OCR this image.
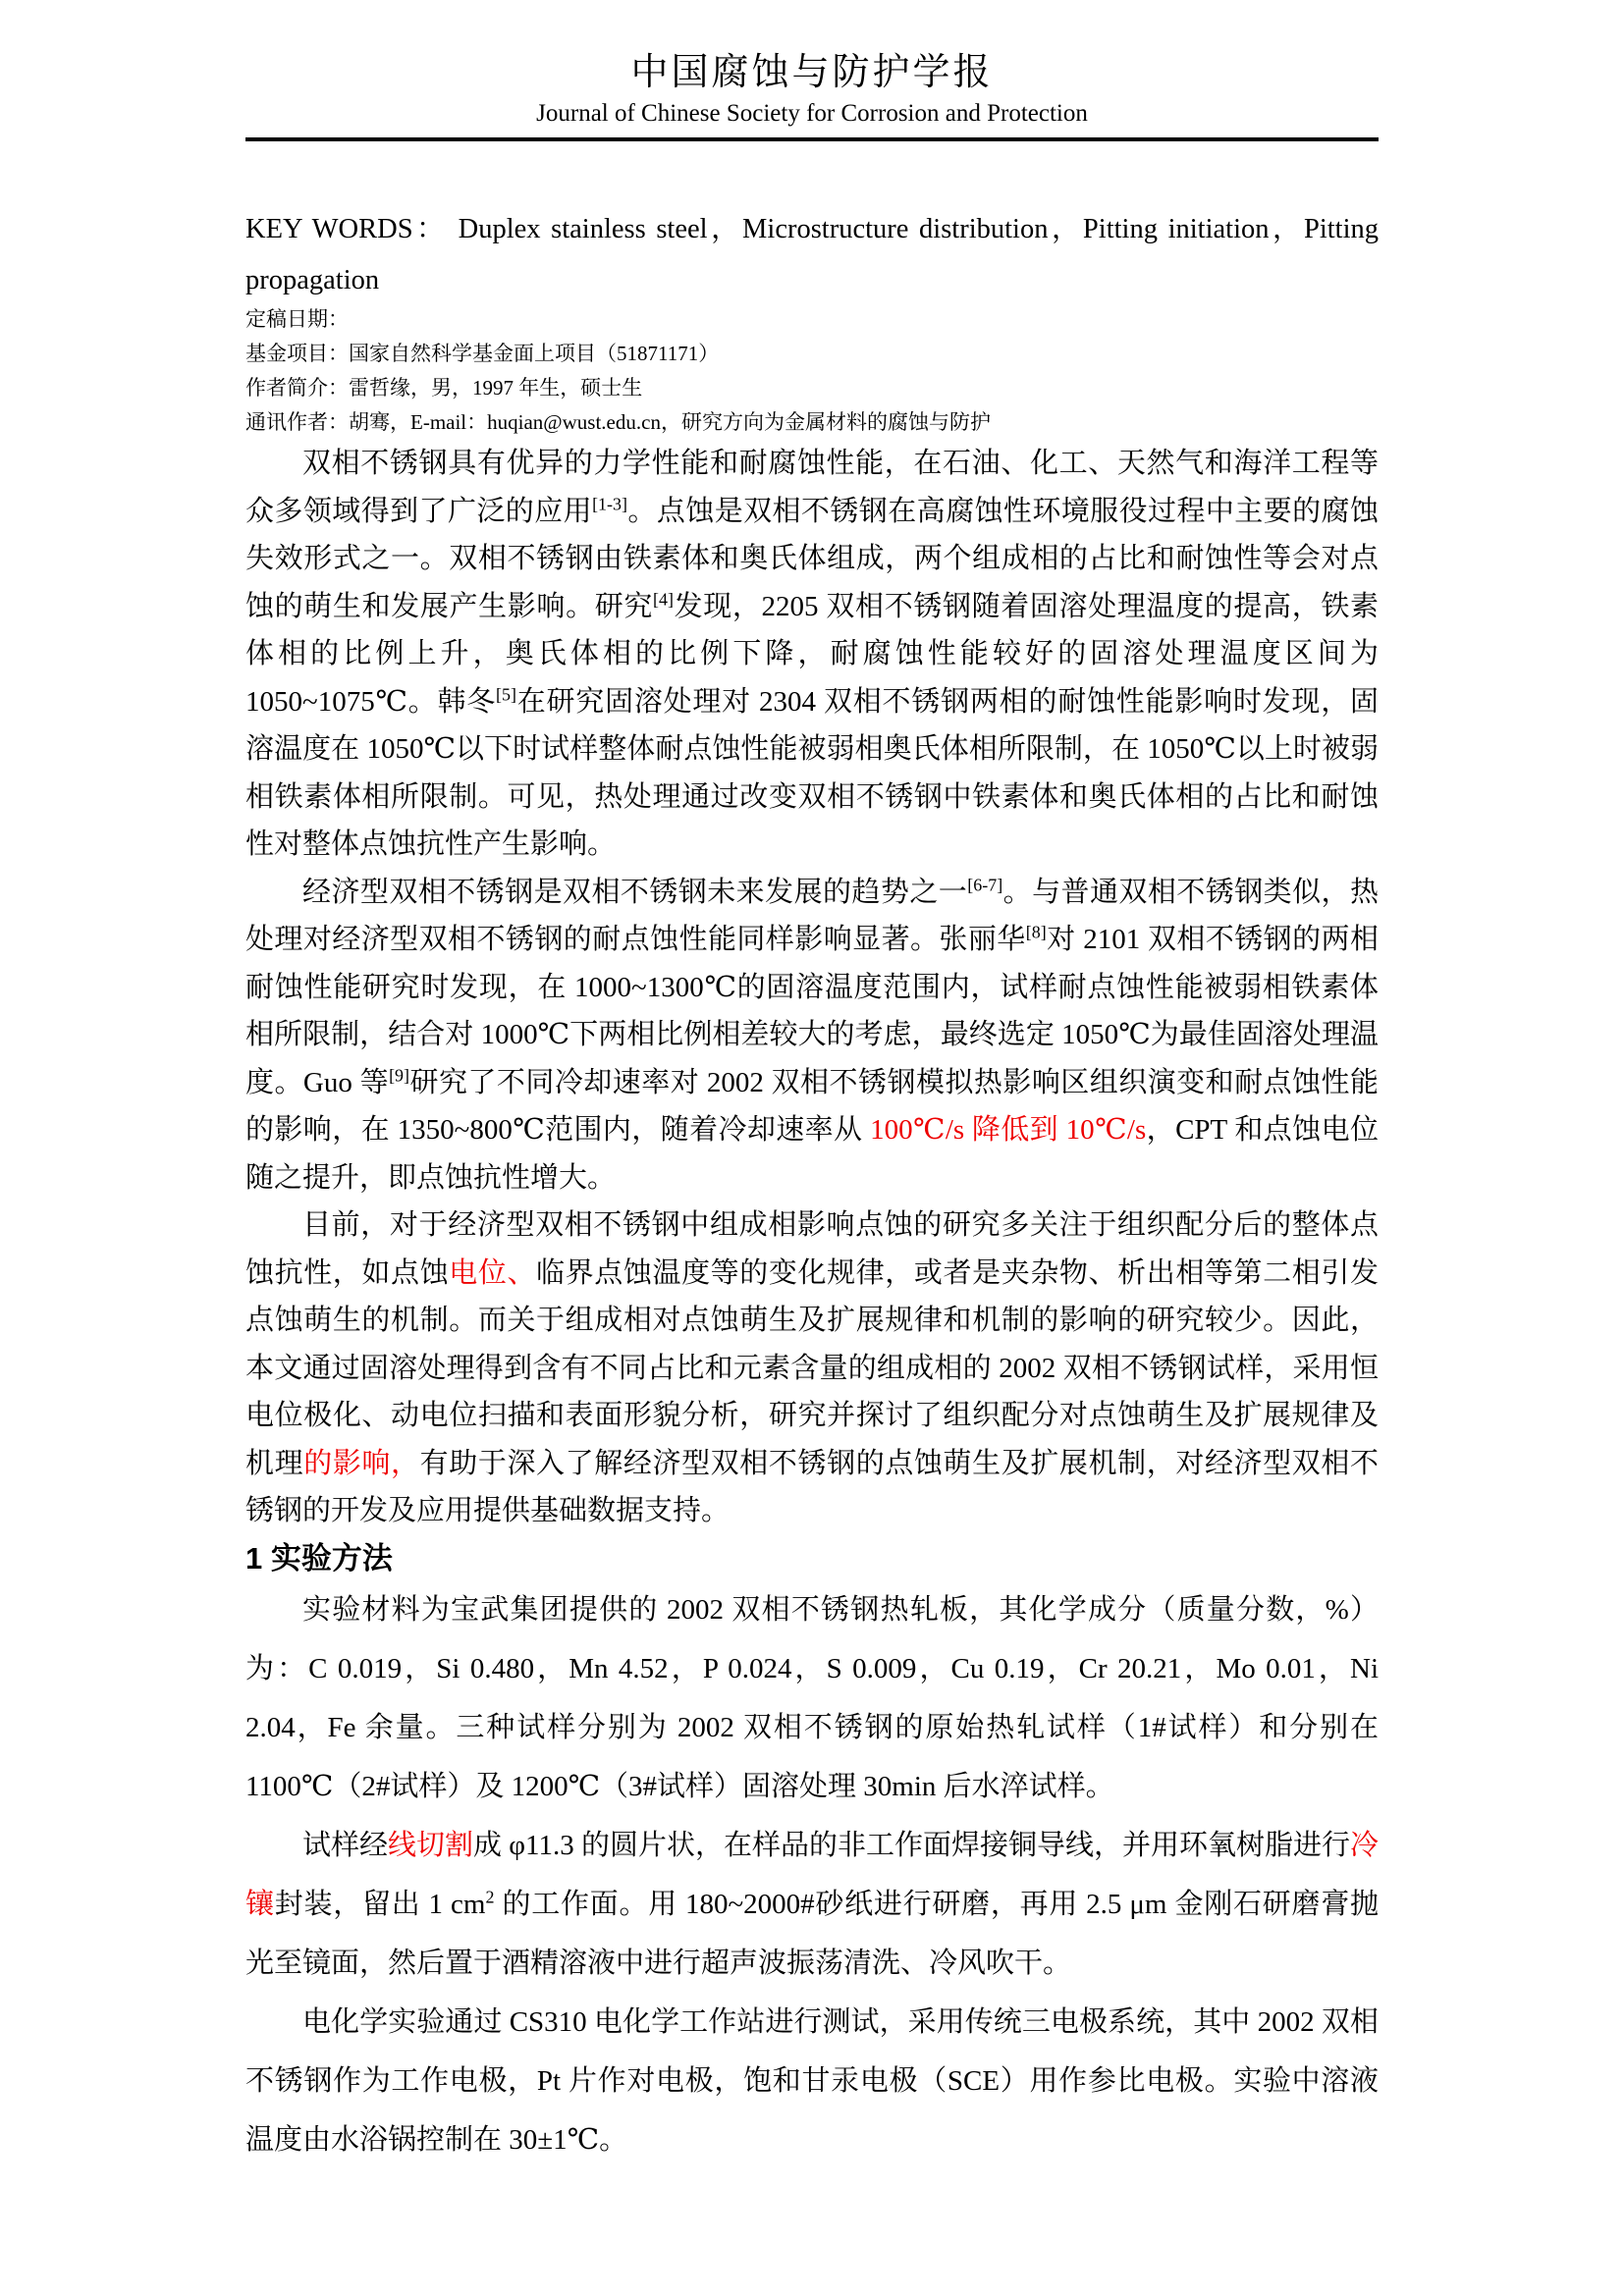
中国腐蚀与防护学报
Journal of Chinese Society for Corrosion and Protection
KEY WORDS： Duplex stainless steel，Microstructure distribution，Pitting initiation，Pitting
propagation
定稿日期：
基金项目：国家自然科学基金面上项目（51871171）
作者简介：雷哲缘，男，1997 年生，硕士生
通讯作者：胡骞，E-mail：huqian@wust.edu.cn，研究方向为金属材料的腐蚀与防护

双相不锈钢具有优异的力学性能和耐腐蚀性能，在石油、化工、天然气和海洋工程等众多领域得到了广泛的应用[1-3]。点蚀是双相不锈钢在高腐蚀性环境服役过程中主要的腐蚀失效形式之一。双相不锈钢由铁素体和奥氏体组成，两个组成相的占比和耐蚀性等会对点蚀的萌生和发展产生影响。研究[4]发现，2205 双相不锈钢随着固溶处理温度的提高，铁素体相的比例上升，奥氏体相的比例下降，耐腐蚀性能较好的固溶处理温度区间为 1050~1075℃。韩冬[5]在研究固溶处理对 2304 双相不锈钢两相的耐蚀性能影响时发现，固溶温度在 1050℃以下时试样整体耐点蚀性能被弱相奥氏体相所限制，在 1050℃以上时被弱相铁素体相所限制。可见，热处理通过改变双相不锈钢中铁素体和奥氏体相的占比和耐蚀性对整体点蚀抗性产生影响。

经济型双相不锈钢是双相不锈钢未来发展的趋势之一[6-7]。与普通双相不锈钢类似，热处理对经济型双相不锈钢的耐点蚀性能同样影响显著。张丽华[8]对 2101 双相不锈钢的两相耐蚀性能研究时发现，在 1000~1300℃的固溶温度范围内，试样耐点蚀性能被弱相铁素体相所限制，结合对 1000℃下两相比例相差较大的考虑，最终选定 1050℃为最佳固溶处理温度。Guo 等[9]研究了不同冷却速率对 2002 双相不锈钢模拟热影响区组织演变和耐点蚀性能的影响，在 1350~800℃范围内，随着冷却速率从 100℃/s 降低到 10℃/s，CPT 和点蚀电位随之提升，即点蚀抗性增大。

目前，对于经济型双相不锈钢中组成相影响点蚀的研究多关注于组织配分后的整体点蚀抗性，如点蚀电位、临界点蚀温度等的变化规律，或者是夹杂物、析出相等第二相引发点蚀萌生的机制。而关于组成相对点蚀萌生及扩展规律和机制的影响的研究较少。因此，本文通过固溶处理得到含有不同占比和元素含量的组成相的 2002 双相不锈钢试样，采用恒电位极化、动电位扫描和表面形貌分析，研究并探讨了组织配分对点蚀萌生及扩展规律及机理的影响，有助于深入了解经济型双相不锈钢的点蚀萌生及扩展机制，对经济型双相不锈钢的开发及应用提供基础数据支持。

1 实验方法

实验材料为宝武集团提供的 2002 双相不锈钢热轧板，其化学成分（质量分数，%）为：C 0.019，Si 0.480，Mn 4.52，P 0.024，S 0.009，Cu 0.19，Cr 20.21，Mo 0.01，Ni 2.04，Fe 余量。三种试样分别为 2002 双相不锈钢的原始热轧试样（1#试样）和分别在 1100℃（2#试样）及 1200℃（3#试样）固溶处理 30min 后水淬试样。

试样经线切割成 φ11.3 的圆片状，在样品的非工作面焊接铜导线，并用环氧树脂进行冷镶封装，留出 1 $cm^2$ 的工作面。用 180~2000#砂纸进行研磨，再用 2.5 μm 金刚石研磨膏抛光至镜面，然后置于酒精溶液中进行超声波振荡清洗、冷风吹干。

电化学实验通过 CS310 电化学工作站进行测试，采用传统三电极系统，其中 2002 双相不锈钢作为工作电极，Pt 片作对电极，饱和甘汞电极（SCE）用作参比电极。实验中溶液温度由水浴锅控制在 30±1℃。
